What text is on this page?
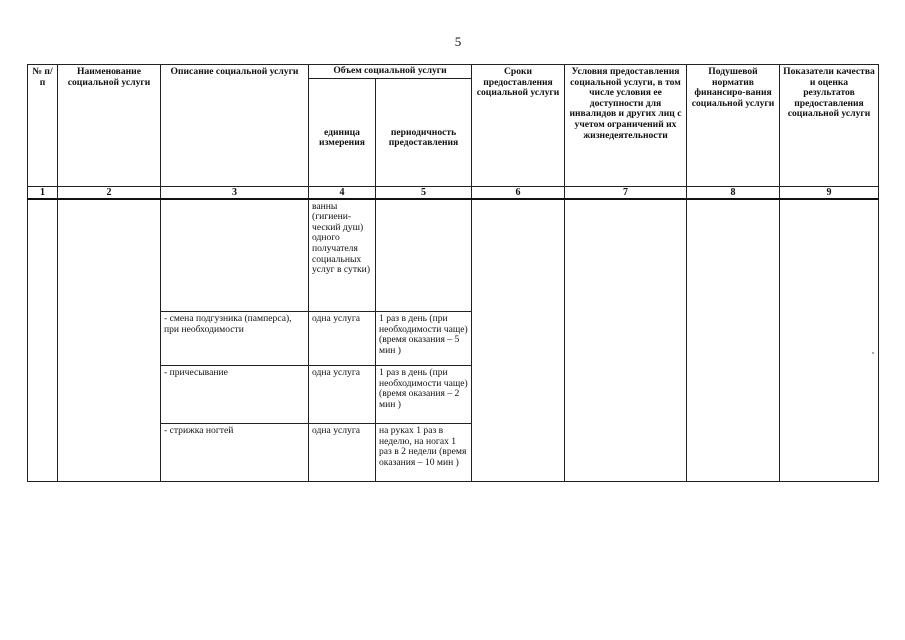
5
№ п/п	Наименование социальной услуги	Описание социальной услуги	Объем социальной услуги		Сроки предоставления социальной услуги	Условия предоставления социальной услуги, в том числе условия ее доступности для инвалидов и других лиц с учетом ограничений их жизнедеятельности	Подушевой норматив финансиро-вания социальной услуги	Показатели качества и оценка результатов предоставления социальной услуги
			единица измерения	периодичность предоставления				
1	2	3	4	5	6	7	8	9
			ванны (гигиени-ческий душ) одного получателя социальных услуг в сутки)					
		- смена подгузника (памперса), при необходимости	одна услуга	1 раз в день (при необходимости чаще) (время оказания – 5 мин )				
		- причесывание	одна услуга	1 раз в день (при необходимости чаще) (время оказания – 2 мин )				
		- стрижка ногтей	одна услуга	на руках 1 раз в неделю, на ногах 1 раз в 2 недели (время оказания – 10 мин )				
